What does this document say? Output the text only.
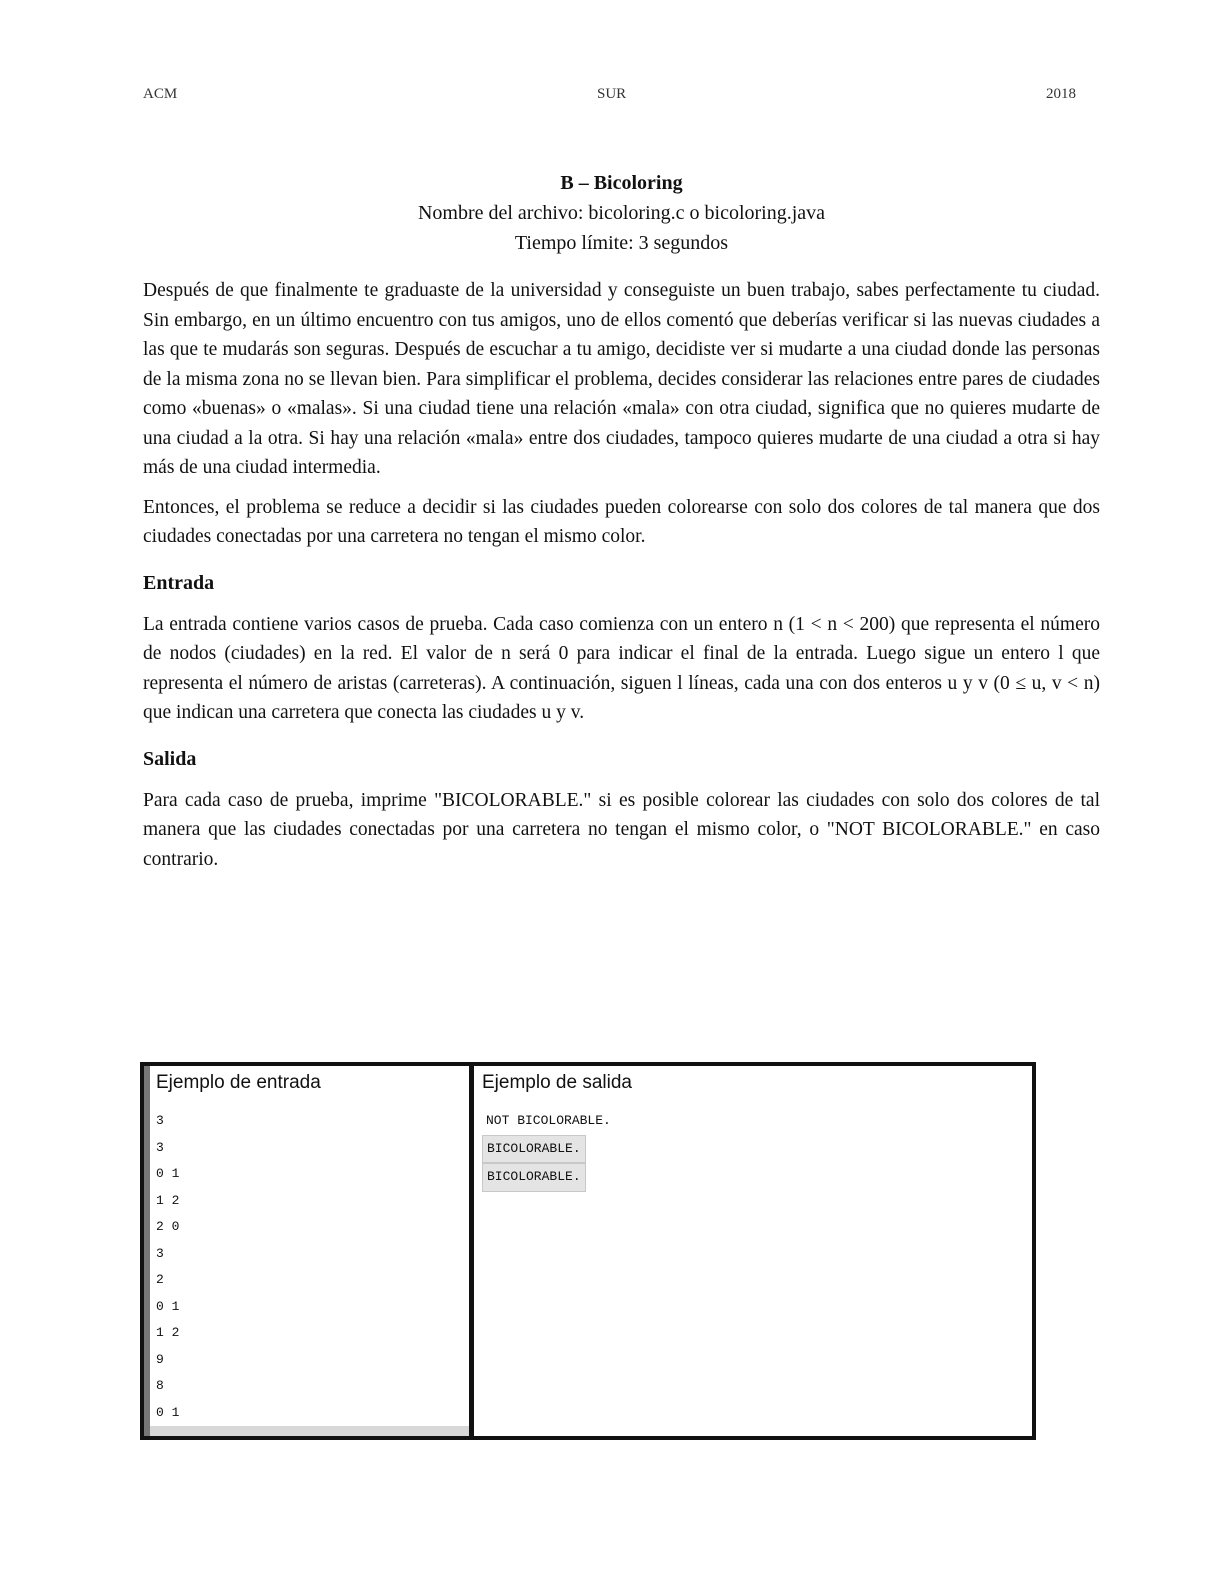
ACM	SUR	2018
B – Bicoloring
Nombre del archivo: bicoloring.c o bicoloring.java
Tiempo límite: 3 segundos

Después de que finalmente te graduaste de la universidad y conseguiste un buen trabajo, sabes perfectamente tu ciudad. Sin embargo, en un último encuentro con tus amigos, uno de ellos comentó que deberías verificar si las nuevas ciudades a las que te mudarás son seguras. Después de escuchar a tu amigo, decidiste ver si mudarte a una ciudad donde las personas de la misma zona no se llevan bien. Para simplificar el problema, decides considerar las relaciones entre pares de ciudades como «buenas» o «malas». Si una ciudad tiene una relación «mala» con otra ciudad, significa que no quieres mudarte de una ciudad a la otra. Si hay una relación «mala» entre dos ciudades, tampoco quieres mudarte de una ciudad a otra si hay más de una ciudad intermedia.

Entonces, el problema se reduce a decidir si las ciudades pueden colorearse con solo dos colores de tal manera que dos ciudades conectadas por una carretera no tengan el mismo color.

Entrada

La entrada contiene varios casos de prueba. Cada caso comienza con un entero n (1 < n < 200) que representa el número de nodos (ciudades) en la red. El valor de n será 0 para indicar el final de la entrada. Luego sigue un entero l que representa el número de aristas (carreteras). A continuación, siguen l líneas, cada una con dos enteros u y v (0 ≤ u, v < n) que indican una carretera que conecta las ciudades u y v.

Salida

Para cada caso de prueba, imprime "BICOLORABLE." si es posible colorear las ciudades con solo dos colores de tal manera que las ciudades conectadas por una carretera no tengan el mismo color, o "NOT BICOLORABLE." en caso contrario.

Ejemplo de entrada
3
3
0 1
1 2
2 0
3
2
0 1
1 2
9
8
0 1
Ejemplo de salida
NOT BICOLORABLE.
BICOLORABLE.
BICOLORABLE.
